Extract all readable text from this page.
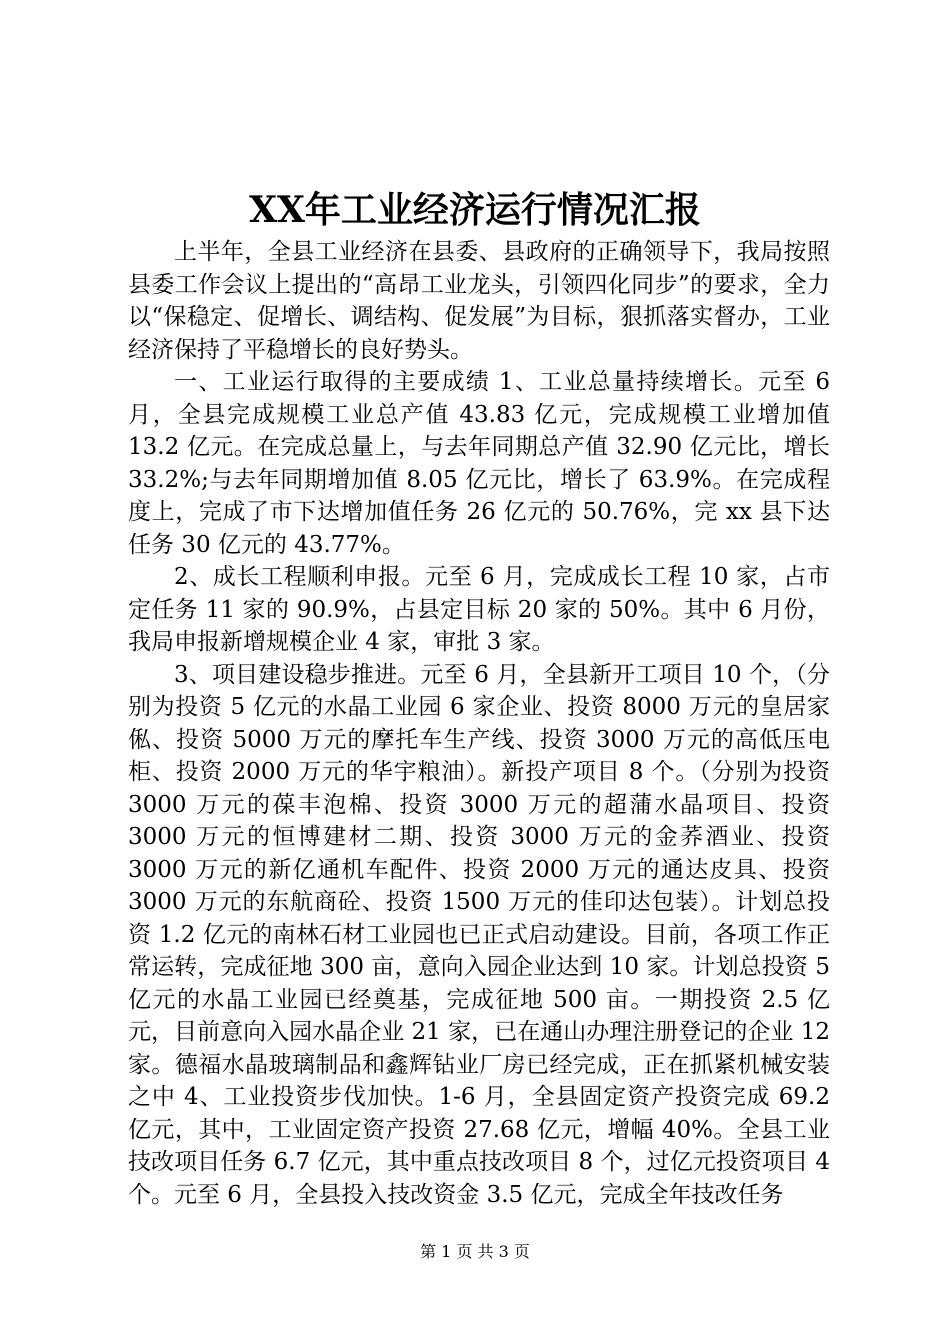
XX年工业经济运行情况汇报

上半年，全县工业经济在县委、县政府的正确领导下，我局按照县委工作会议上提出的“高昂工业龙头，引领四化同步”的要求，全力以“保稳定、促增长、调结构、促发展”为目标，狠抓落实督办，工业经济保持了平稳增长的良好势头。

一、工业运行取得的主要成绩 1、工业总量持续增长。元至 6 月，全县完成规模工业总产值 43.83 亿元，完成规模工业增加值 13.2 亿元。在完成总量上，与去年同期总产值 32.90 亿元比，增长 33.2%;与去年同期增加值 8.05 亿元比，增长了 63.9%。在完成程度上，完成了市下达增加值任务 26 亿元的 50.76%，完 xx 县下达任务 30 亿元的 43.77%。

2、成长工程顺利申报。元至 6 月，完成成长工程 10 家，占市定任务 11 家的 90.9%，占县定目标 20 家的 50%。其中 6 月份，我局申报新增规模企业 4 家，审批 3 家。

3、项目建设稳步推进。元至 6 月，全县新开工项目 10 个，（分别为投资 5 亿元的水晶工业园 6 家企业、投资 8000 万元的皇居家俬、投资 5000 万元的摩托车生产线、投资 3000 万元的高低压电柜、投资 2000 万元的华宇粮油）。新投产项目 8 个。（分别为投资 3000 万元的葆丰泡棉、投资 3000 万元的超蒲水晶项目、投资 3000 万元的恒博建材二期、投资 3000 万元的金荞酒业、投资 3000 万元的新亿通机车配件、投资 2000 万元的通达皮具、投资 3000 万元的东航商砼、投资 1500 万元的佳印达包装）。计划总投资 1.2 亿元的南林石材工业园也已正式启动建设。目前，各项工作正常运转，完成征地 300 亩，意向入园企业达到 10 家。计划总投资 5 亿元的水晶工业园已经奠基，完成征地 500 亩。一期投资 2.5 亿元，目前意向入园水晶企业 21 家，已在通山办理注册登记的企业 12 家。德福水晶玻璃制品和鑫辉钻业厂房已经完成，正在抓紧机械安装之中 4、工业投资步伐加快。1-6 月，全县固定资产投资完成 69.2 亿元，其中，工业固定资产投资 27.68 亿元，增幅 40%。全县工业技改项目任务 6.7 亿元，其中重点技改项目 8 个，过亿元投资项目 4 个。元至 6 月，全县投入技改资金 3.5 亿元，完成全年技改任务

第 1 页 共 3 页
